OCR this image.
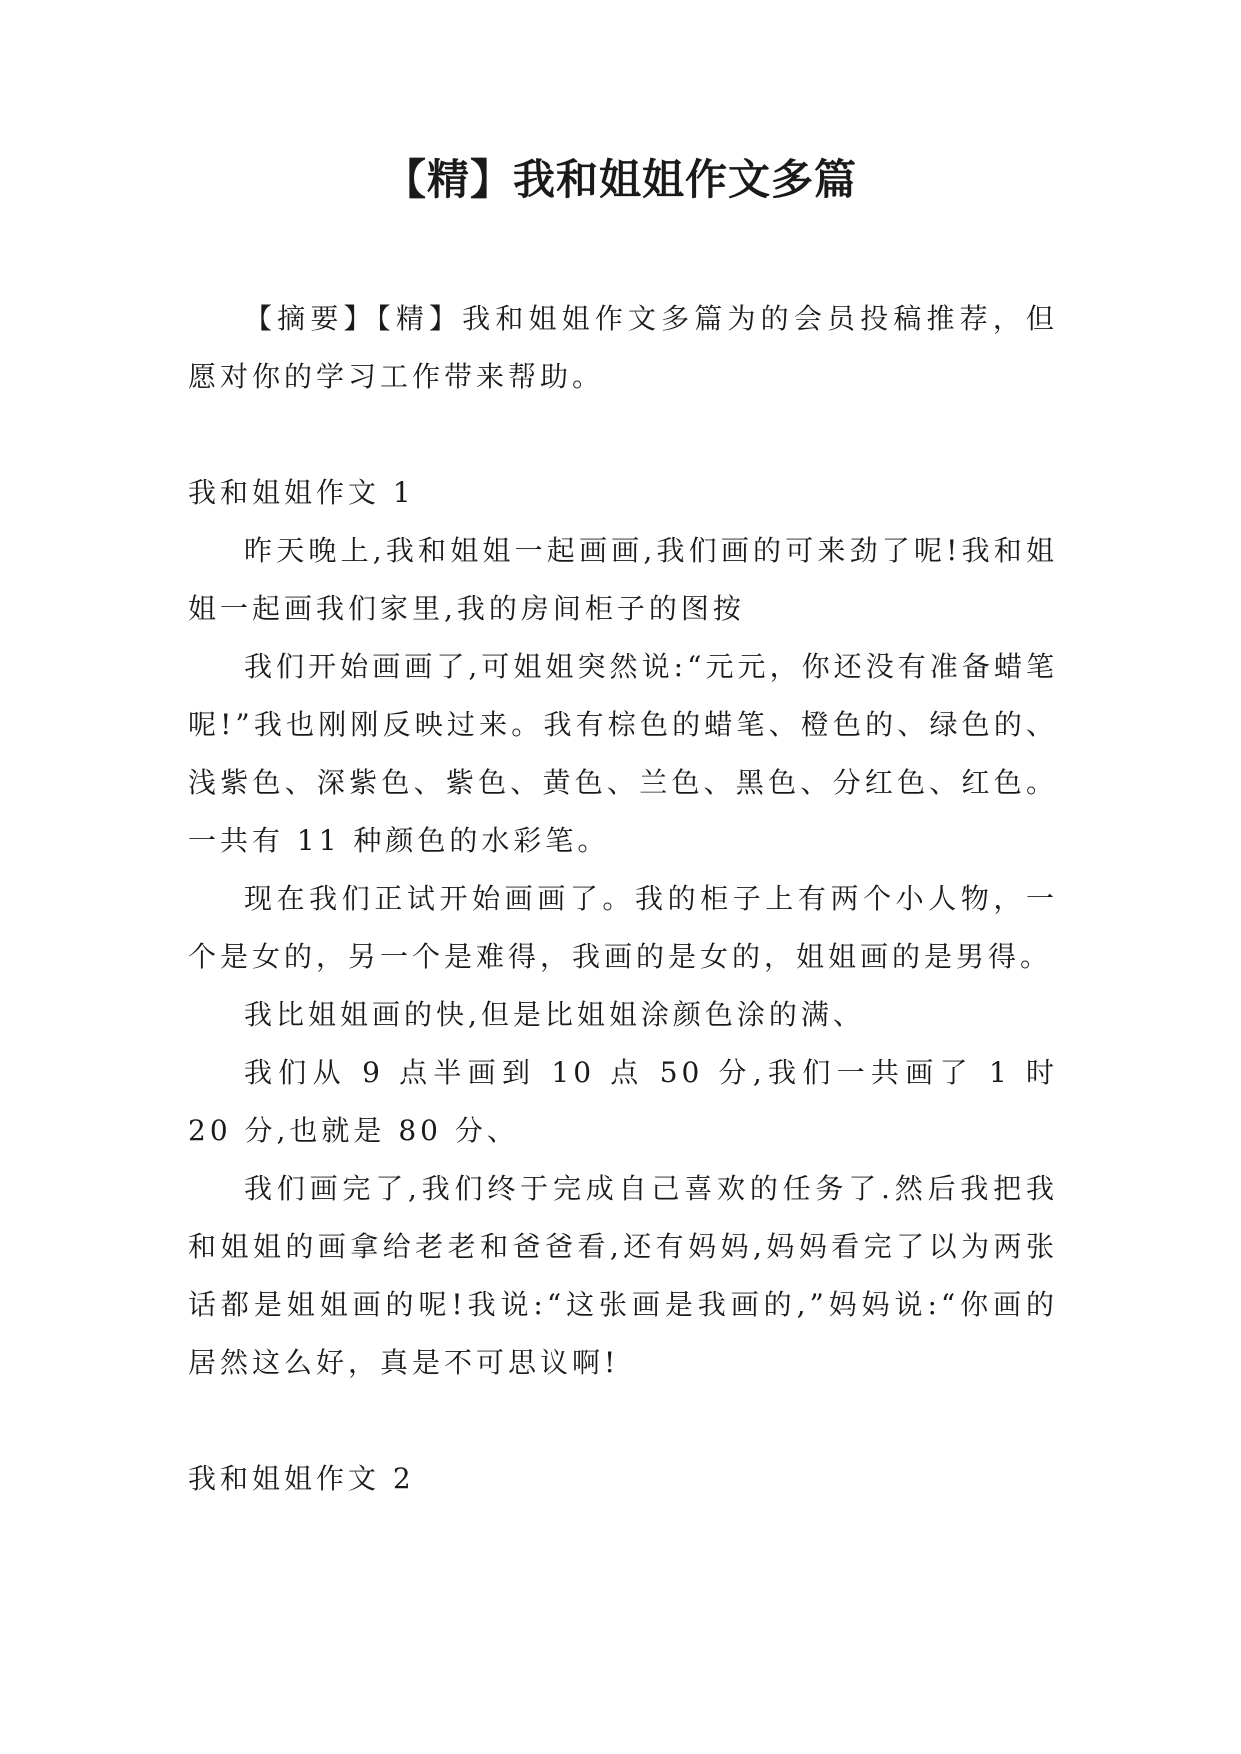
【精】我和姐姐作文多篇

【摘要】【精】我和姐姐作文多篇为的会员投稿推荐，但愿对你的学习工作带来帮助。

我和姐姐作文 1

昨天晚上,我和姐姐一起画画,我们画的可来劲了呢!我和姐姐一起画我们家里,我的房间柜子的图按

我们开始画画了,可姐姐突然说:“元元，你还没有准备蜡笔呢!”我也刚刚反映过来。我有棕色的蜡笔、橙色的、绿色的、浅紫色、深紫色、紫色、黄色、兰色、黑色、分红色、红色。一共有 11 种颜色的水彩笔。

现在我们正试开始画画了。我的柜子上有两个小人物，一个是女的，另一个是难得，我画的是女的，姐姐画的是男得。

我比姐姐画的快,但是比姐姐涂颜色涂的满、

我们从 9 点半画到 10 点 50 分,我们一共画了 1 时 20 分,也就是 80 分、

我们画完了,我们终于完成自己喜欢的任务了.然后我把我和姐姐的画拿给老老和爸爸看,还有妈妈,妈妈看完了以为两张话都是姐姐画的呢!我说:“这张画是我画的,”妈妈说:“你画的居然这么好，真是不可思议啊!

我和姐姐作文 2
